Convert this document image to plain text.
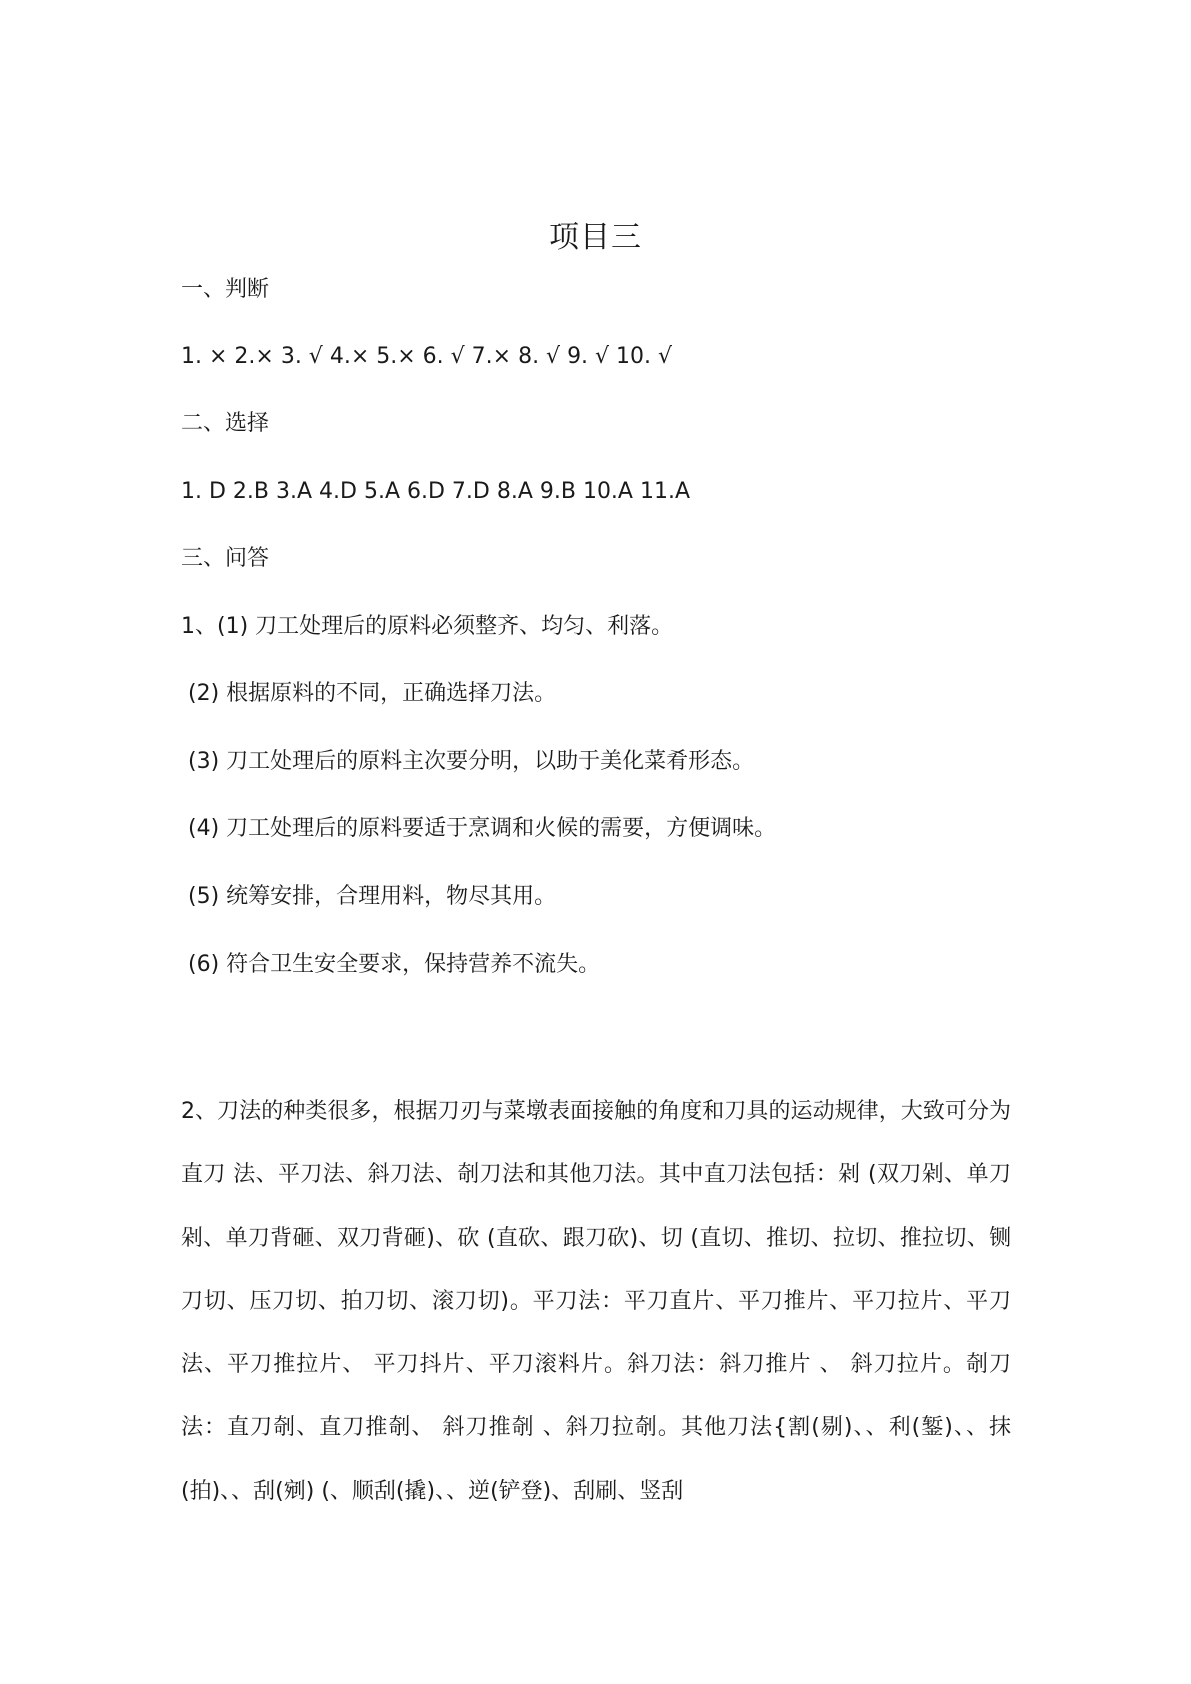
项目三
一、判断
1. × 2.× 3. √ 4.× 5.× 6. √ 7.× 8. √ 9. √ 10. √
二、选择
1. D 2.B 3.A 4.D 5.A 6.D 7.D 8.A 9.B 10.A 11.A
三、问答
1、(1) 刀工处理后的原料必须整齐、均匀、利落。
(2) 根据原料的不同，正确选择刀法。
(3) 刀工处理后的原料主次要分明，以助于美化菜肴形态。
(4) 刀工处理后的原料要适于烹调和火候的需要，方便调味。
(5) 统筹安排，合理用料，物尽其用。
(6) 符合卫生安全要求，保持营养不流失。
2、刀法的种类很多，根据刀刃与菜墩表面接触的角度和刀具的运动规律，大致可分为直刀 法、平刀法、斜刀法、剞刀法和其他刀法。其中直刀法包括：剁 (双刀剁、单刀剁、单刀背砸、双刀背砸)、砍 (直砍、跟刀砍)、切 (直切、推切、拉切、推拉切、铡刀切、压刀切、拍刀切、滚刀切)。平刀法：平刀直片、平刀推片、平刀拉片、平刀法、平刀推拉片、 平刀抖片、平刀滚料片。斜刀法：斜刀推片 、 斜刀拉片。剞刀法：直刀剞、直刀推剞、 斜刀推剞 、斜刀拉剞。其他刀法{割(剔)、、利(錾)、、抹(拍)、、刮(剜) (、顺刮(撬)、、逆(铲登)、刮刷、竖刮
